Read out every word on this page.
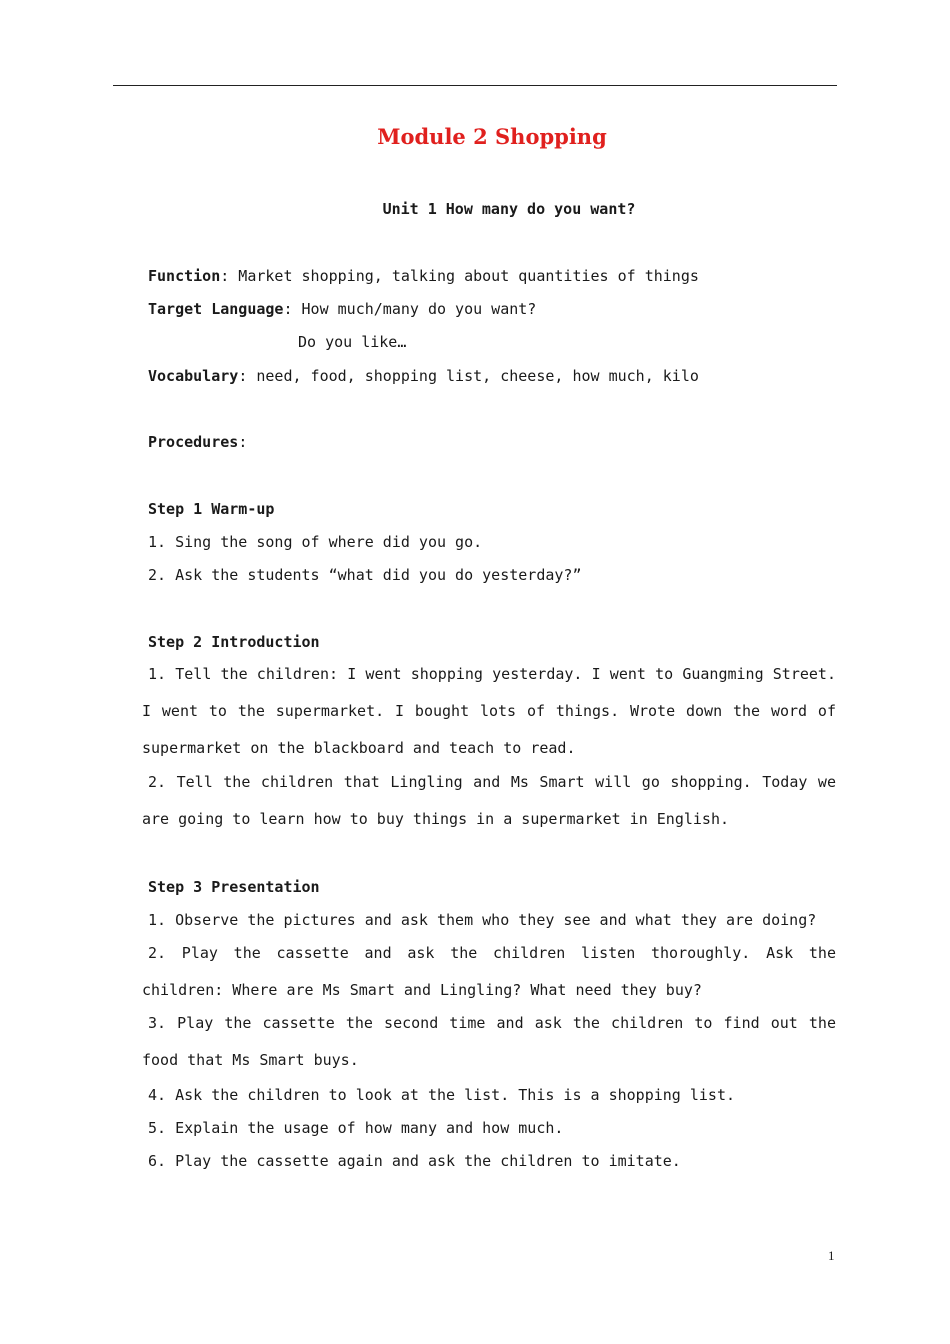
Module 2 Shopping
Unit 1 How many do you want?
Function: Market shopping, talking about quantities of things
Target Language: How much/many do you want?
Do you like…
Vocabulary: need, food, shopping list, cheese, how much, kilo
Procedures:
Step 1 Warm-up
1. Sing the song of where did you go.
2. Ask the students “what did you do yesterday?”
Step 2 Introduction
1. Tell the children: I went shopping yesterday. I went to Guangming Street. I went to the supermarket. I bought lots of things. Wrote down the word of supermarket on the blackboard and teach to read.
2. Tell the children that Lingling and Ms Smart will go shopping. Today we are going to learn how to buy things in a supermarket in English.
Step 3 Presentation
1. Observe the pictures and ask them who they see and what they are doing?
2. Play the cassette and ask the children listen thoroughly. Ask the children: Where are Ms Smart and Lingling? What need they buy?
3. Play the cassette the second time and ask the children to find out the food that Ms Smart buys.
4. Ask the children to look at the list. This is a shopping list.
5. Explain the usage of how many and how much.
6. Play the cassette again and ask the children to imitate.
1
